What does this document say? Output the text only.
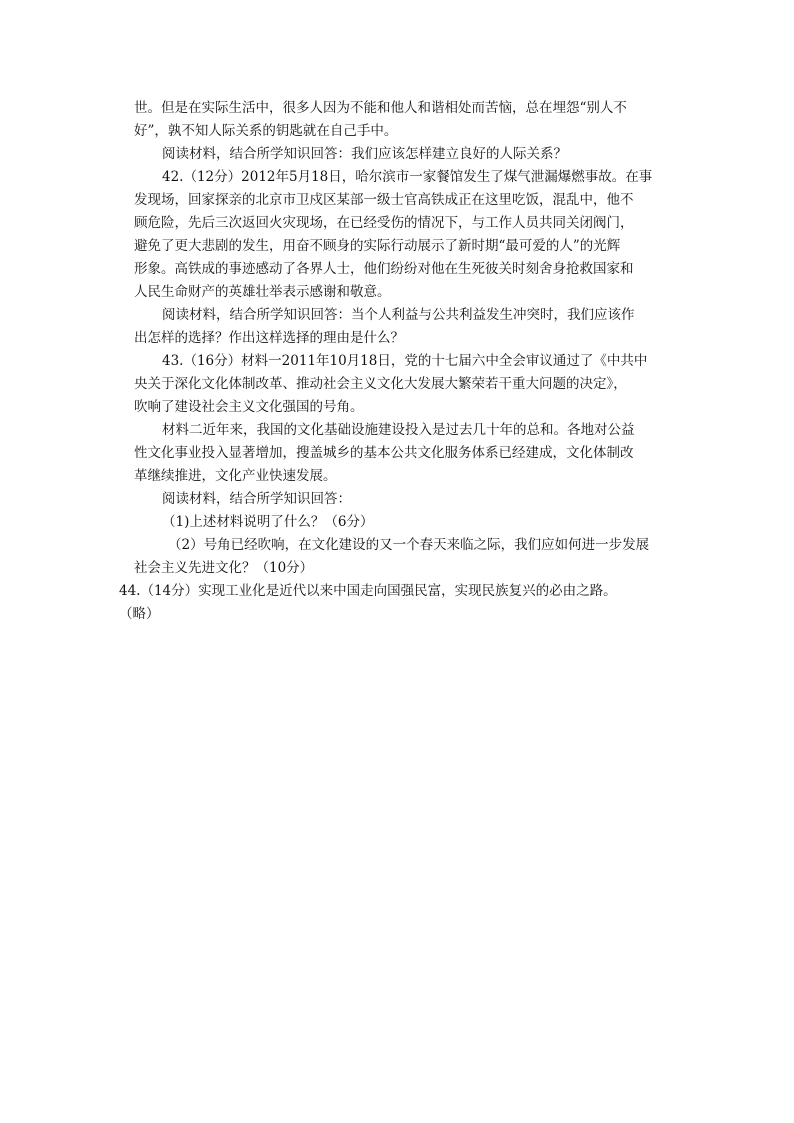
世。但是在实际生活中，很多人因为不能和他人和谐相处而苦恼，总在埋怨“别人不
好”，孰不知人际关系的钥匙就在自己手中。
阅读材料，结合所学知识回答：我们应该怎样建立良好的人际关系？
42.（12分）2012年5月18日，哈尔滨市一家餐馆发生了煤气泄漏爆燃事故。在事
发现场，回家探亲的北京市卫戍区某部一级士官高铁成正在这里吃饭，混乱中，他不
顾危险，先后三次返回火灾现场，在已经受伤的情况下，与工作人员共同关闭阀门，
避免了更大悲剧的发生，用奋不顾身的实际行动展示了新时期“最可爱的人”的光辉
形象。高铁成的事迹感动了各界人士，他们纷纷对他在生死彼关时刻舍身抢救国家和
人民生命财产的英雄壮举表示感谢和敬意。
阅读材料，结合所学知识回答：当个人利益与公共利益发生冲突时，我们应该作
出怎样的选择？作出这样选择的理由是什么？
43.（16分）材料一2011年10月18日，党的十七届六中全会审议通过了《中共中
央关于深化文化体制改革、推动社会主义文化大发展大繁荣若干重大问题的决定》，
吹响了建设社会主义文化强国的号角。
材料二近年来，我国的文化基础设施建设投入是过去几十年的总和。各地对公益
性文化事业投入显著增加，搜盖城乡的基本公共文化服务体系已经建成，文化体制改
革继续推进，文化产业快速发展。
阅读材料，结合所学知识回答：
（1)上述材料说明了什么？（6分）
（2）号角已经吹响，在文化建设的又一个春天来临之际，我们应如何进一步发展
社会主义先进文化？（10分）
44.（14分）实现工业化是近代以来中国走向国强民富，实现民族复兴的必由之路。
（略）
